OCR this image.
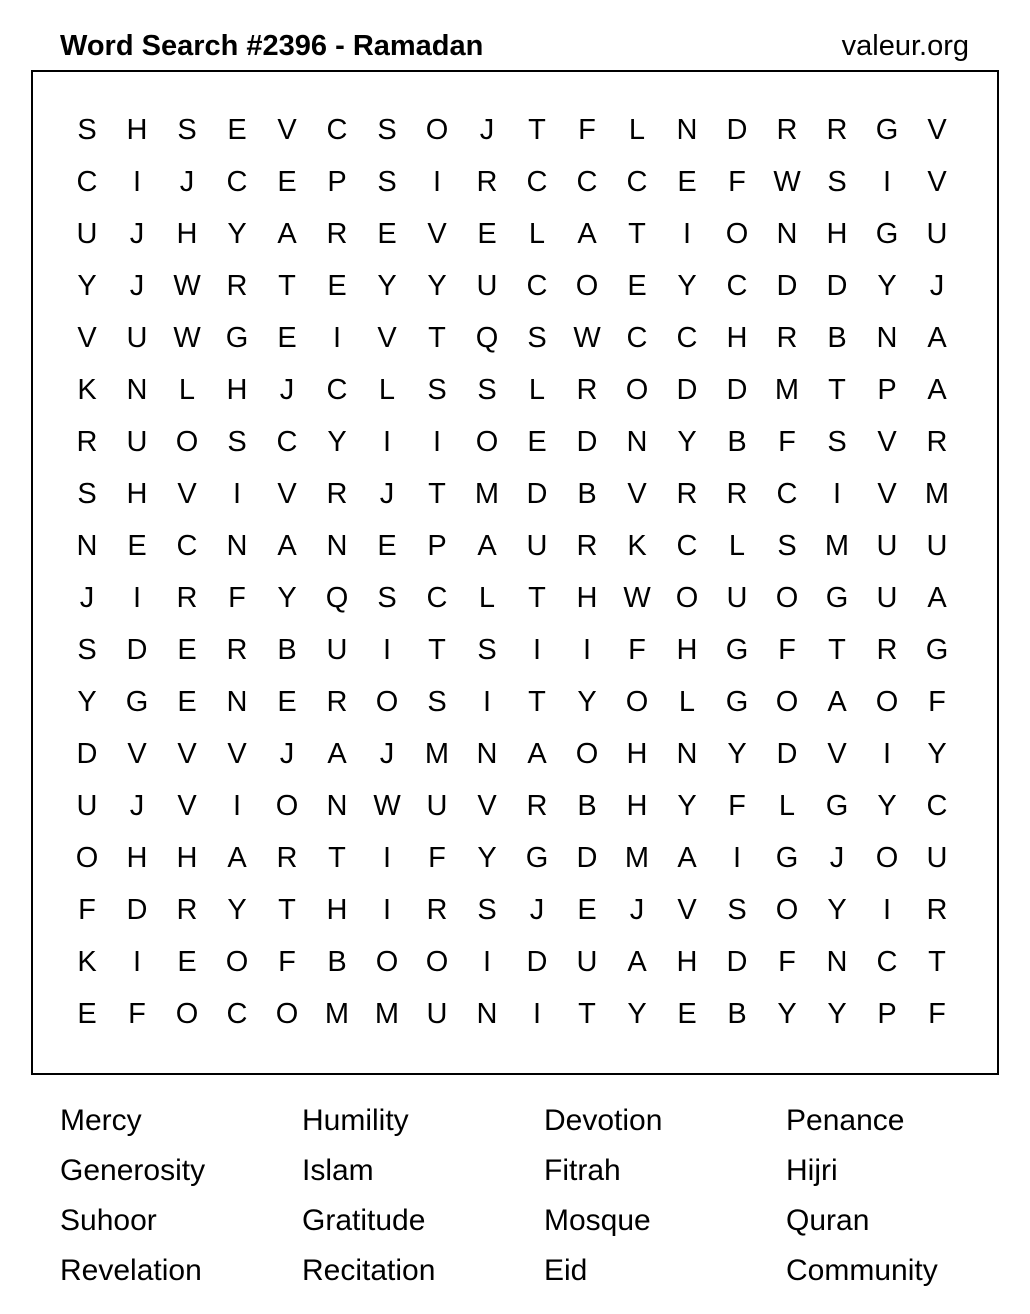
Word Search #2396 - Ramadan	valeur.org
S	H	S	E	V	C	S	O	J	T	F	L	N	D	R	R G	V
C	I	J	C	E	P	S	I	R	C	C	C	E	F W S	I	V
U	J	H	Y	A	R	E	V	E	L	A	T	I	O N	H G U
Y	J	W R	T	E	Y	Y	U	C O	E	Y	C	D	D	Y	J
V	U W G	E	I	V	T	Q	S W C	C	H	R	B	N	A
K	N	L	H	J	C	L	S	S	L	R O D	D M	T	P	A
R	U O	S	C	Y	I	I	O	E	D	N	Y	B	F	S	V	R
S	H	V	I	V	R	J	T	M D	B	V	R	R	C	I	V M
N	E	C	N	A	N	E	P	A	U	R	K	C	L	S M U	U
J	I	R	F	Y	Q	S	C	L	T	H W O U O G U	A
S	D	E	R	B	U	I	T	S	I	I	F	H G	F	T	R G
Y	G	E	N	E	R O	S	I	T	Y	O	L	G O	A	O	F
D	V	V	V	J	A	J	M N	A	O H	N	Y	D	V	I	Y
U	J	V	I	O N W U	V	R	B	H	Y	F	L	G	Y	C
O H	H	A	R	T	I	F	Y	G D M A	I	G	J	O U
F	D	R	Y	T	H	I	R	S	J	E	J	V	S	O	Y	I	R
K	I	E	O	F	B	O O	I	D	U	A	H	D	F	N	C	T
E	F	O C O M M U	N	I	T	Y	E	B	Y	Y	P	F
Mercy	Humility	Devotion	Penance
Generosity	Islam	Fitrah	Hijri
Suhoor	Gratitude	Mosque	Quran
Revelation	Recitation	Eid	Community
